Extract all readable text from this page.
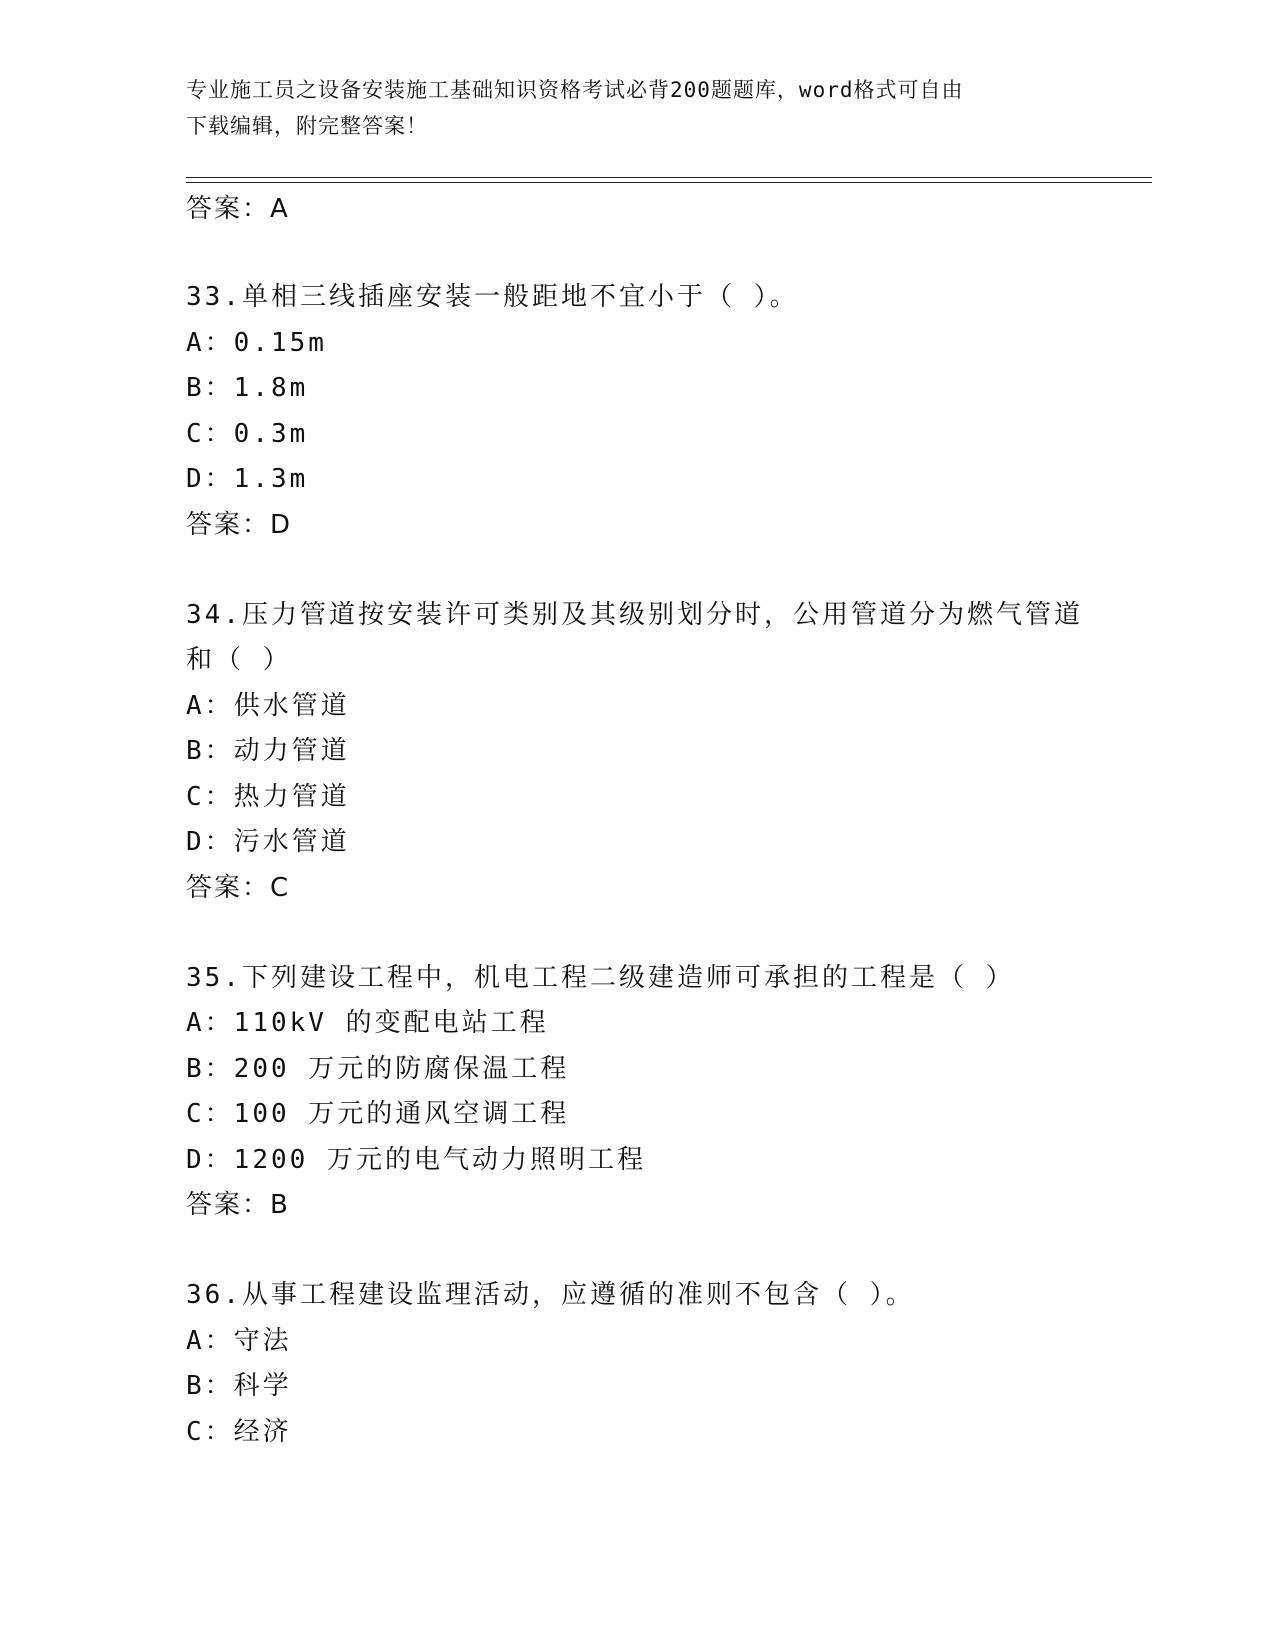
专业施工员之设备安装施工基础知识资格考试必背200题题库，word格式可自由
下载编辑，附完整答案！
答案：A
33.单相三线插座安装一般距地不宜小于（ ）。
A：0.15m
B：1.8m
C：0.3m
D：1.3m
答案：D
34.压力管道按安装许可类别及其级别划分时，公用管道分为燃气管道
和（ ）
A：供水管道
B：动力管道
C：热力管道
D：污水管道
答案：C
35.下列建设工程中，机电工程二级建造师可承担的工程是（ ）
A：110kV 的变配电站工程
B：200 万元的防腐保温工程
C：100 万元的通风空调工程
D：1200 万元的电气动力照明工程
答案：B
36.从事工程建设监理活动，应遵循的准则不包含（ ）。
A：守法
B：科学
C：经济
